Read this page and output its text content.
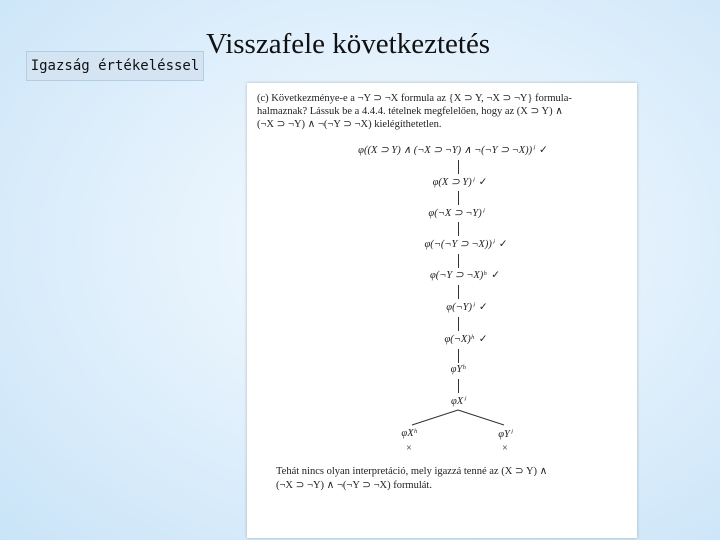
Igazság értékeléssel
Visszafele következtetés
(c) Következménye-e a ¬Y ⊃ ¬X formula az {X ⊃ Y, ¬X ⊃ ¬Y} formula-
halmaznak? Lássuk be a 4.4.4. tételnek megfelelően, hogy az (X ⊃ Y) ∧
(¬X ⊃ ¬Y) ∧ ¬(¬Y ⊃ ¬X) kielégíthetetlen.
φ((X ⊃ Y) ∧ (¬X ⊃ ¬Y) ∧ ¬(¬Y ⊃ ¬X))ⁱ ✓
φ(X ⊃ Y)ⁱ ✓
φ(¬X ⊃ ¬Y)ⁱ
φ(¬(¬Y ⊃ ¬X))ⁱ ✓
φ(¬Y ⊃ ¬X)ʰ ✓
φ(¬Y)ⁱ ✓
φ(¬X)ʰ ✓
φYʰ
φXⁱ
φXʰ
×
φYⁱ
×
Tehát nincs olyan interpretáció, mely igazzá tenné az (X ⊃ Y) ∧
(¬X ⊃ ¬Y) ∧ ¬(¬Y ⊃ ¬X) formulát.
